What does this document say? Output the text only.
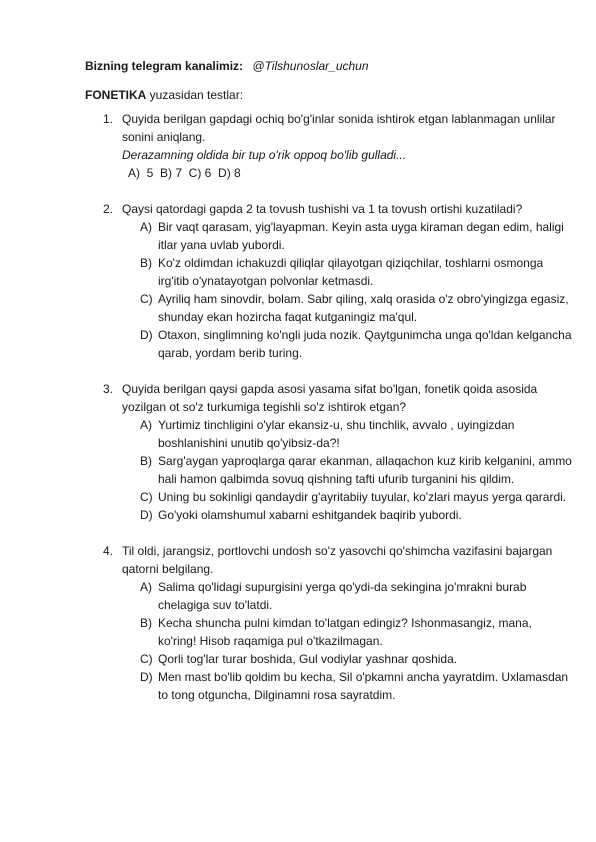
Bizning telegram kanalimiz: @Tilshunoslar_uchun
FONETIKA yuzasidan testlar:
1. Quyida berilgan gapdagi ochiq bo'g'inlar sonida ishtirok etgan lablanmagan unlilar sonini aniqlang.
Derazamning oldida bir tup o'rik oppoq bo'lib gulladi...
A)  5  B) 7  C) 6  D) 8
2. Qaysi qatordagi gapda 2 ta tovush tushishi va 1 ta tovush ortishi kuzatiladi?
A) Bir vaqt qarasam, yig'layapman. Keyin asta uyga kiraman degan edim, haligi itlar yana uvlab yubordi.
B) Ko'z oldimdan ichakuzdi qiliqlar qilayotgan qiziqchilar, toshlarni osmonga irg'itib o'ynatayotgan polvonlar ketmasdi.
C) Ayriliq ham sinovdir, bolam. Sabr qiling, xalq orasida o'z obro'yingizga egasiz, shunday ekan hozircha faqat kutganingiz ma'qul.
D) Otaxon, singlimning ko'ngli juda nozik. Qaytgunimcha unga qo'ldan kelgancha qarab, yordam berib turing.
3. Quyida berilgan qaysi gapda asosi yasama sifat bo'lgan, fonetik qoida asosida yozilgan ot so'z turkumiga tegishli so'z ishtirok etgan?
A) Yurtimiz tinchligini o'ylar ekansiz-u, shu tinchlik, avvalo , uyingizdan boshlanishini unutib qo'yibsiz-da?!
B) Sarg'aygan yaproqlarga qarar ekanman, allaqachon kuz kirib kelganini, ammo hali hamon qalbimda sovuq qishning tafti ufurib turganini his qildim.
C) Uning bu sokinligi qandaydir g'ayritabiiy tuyular, ko'zlari mayus yerga qarardi.
D) Go'yoki olamshumul xabarni eshitgandek baqirib yubordi.
4. Til oldi, jarangsiz, portlovchi undosh so'z yasovchi qo'shimcha vazifasini bajargan qatorni belgilang.
A) Salima qo'lidagi supurgisini yerga qo'ydi-da sekingina jo'mrakni burab chelagiga suv to'latdi.
B) Kecha shuncha pulni kimdan to'latgan edingiz? Ishonmasangiz, mana, ko'ring! Hisob raqamiga pul o'tkazilmagan.
C) Qorli tog'lar turar boshida, Gul vodiylar yashnar qoshida.
D) Men mast bo'lib qoldim bu kecha, Sil o'pkamni ancha yayratdim. Uxlamasdan to tong otguncha, Dilginamni rosa sayratdim.
